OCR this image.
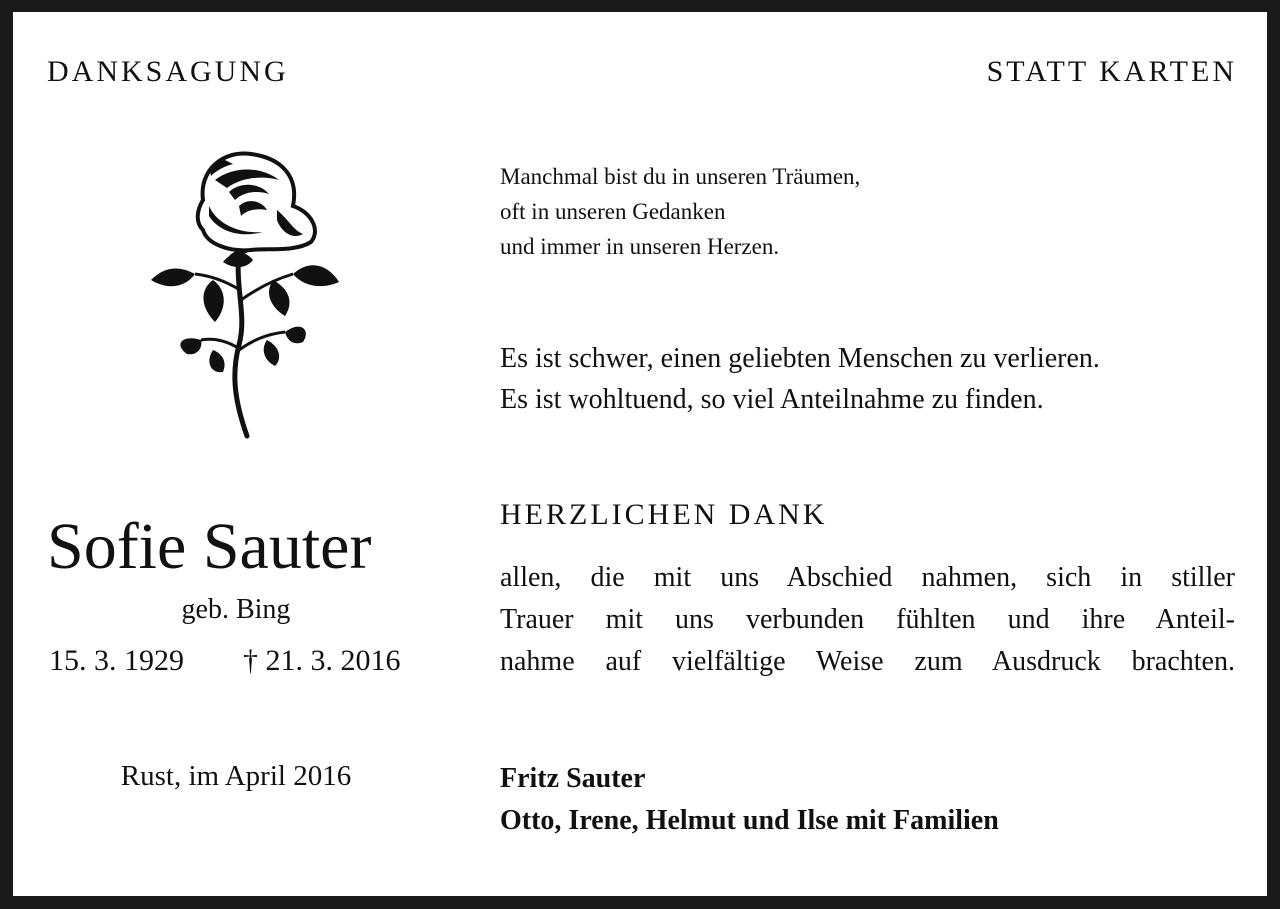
DANKSAGUNG	STATT KARTEN
Sofie Sauter
geb. Bing
15. 3. 1929 † 21. 3. 2016
Rust, im April 2016
Manchmal bist du in unseren Träumen,
oft in unseren Gedanken
und immer in unseren Herzen.
Es ist schwer, einen geliebten Menschen zu verlieren.
Es ist wohltuend, so viel Anteilnahme zu finden.
HERZLICHEN DANK
allen, die mit uns Abschied nahmen, sich in stiller
Trauer mit uns verbunden fühlten und ihre Anteil-
nahme auf vielfältige Weise zum Ausdruck brachten.
Fritz Sauter
Otto, Irene, Helmut und Ilse mit Familien
